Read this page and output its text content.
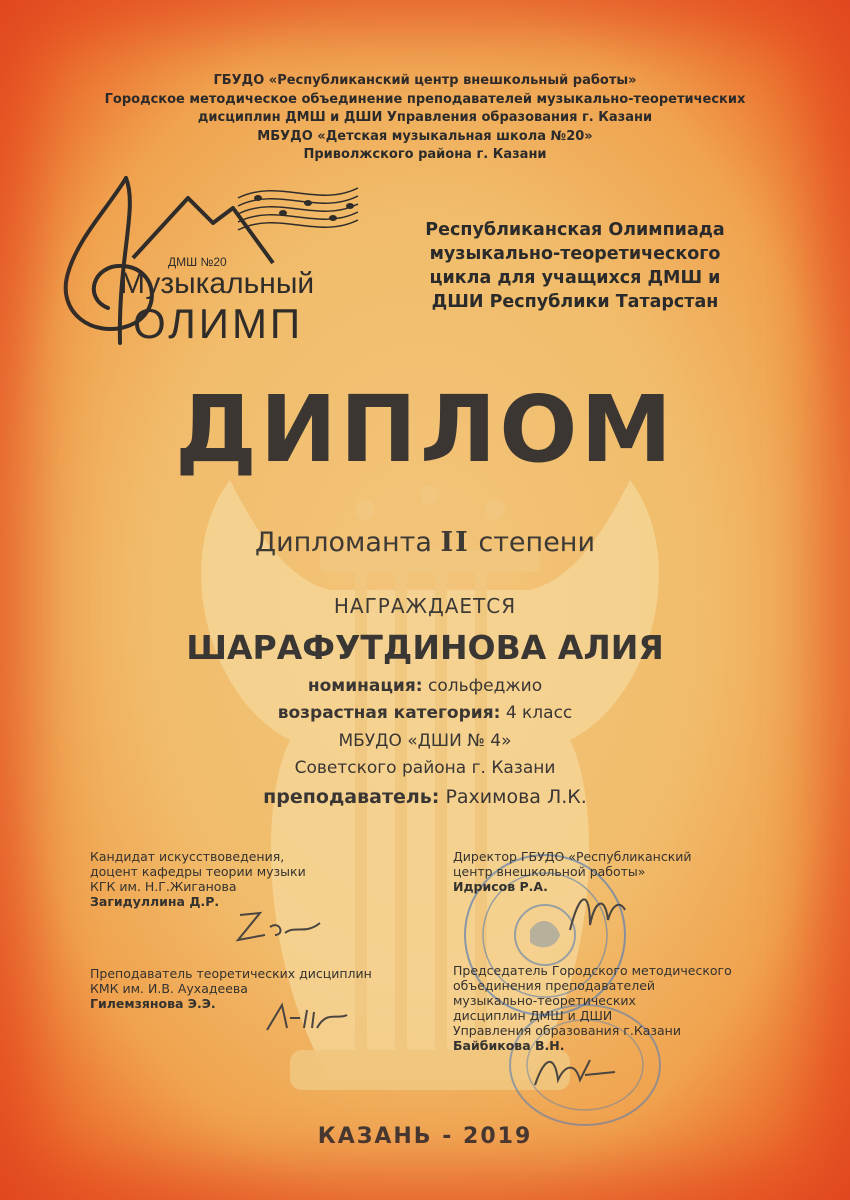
ГБУДО «Республиканский центр внешкольный работы»
Городское методическое объединение преподавателей музыкально-теоретических
дисциплин ДМШ и ДШИ Управления образования г. Казани
МБУДО «Детская музыкальная школа №20»
Приволжского района г. Казани
ДМШ №20
Музыкальный
ОЛИМП
Республиканская Олимпиада
музыкально-теоретического
цикла для учащихся ДМШ и
ДШИ Республики Татарстан
ДИПЛОМ
Дипломанта II степени
НАГРАЖДАЕТСЯ
ШАРАФУТДИНОВА АЛИЯ
номинация: сольфеджио
возрастная категория: 4 класс
МБУДО «ДШИ № 4»
Советского района г. Казани
преподаватель: Рахимова Л.К.
Кандидат искусствоведения,
доцент кафедры теории музыки
КГК им. Н.Г.Жиганова
Загидуллина Д.Р.
Преподаватель теоретических дисциплин
КМК им. И.В. Аухадеева
Гилемзянова Э.Э.
Директор ГБУДО «Республиканский
центр внешкольной работы»
Идрисов Р.А.
Председатель Городского методического
объединения преподавателей
музыкально-теоретических
дисциплин ДМШ и ДШИ
Управления образования г.Казани
Байбикова В.Н.
КАЗАНЬ - 2019
